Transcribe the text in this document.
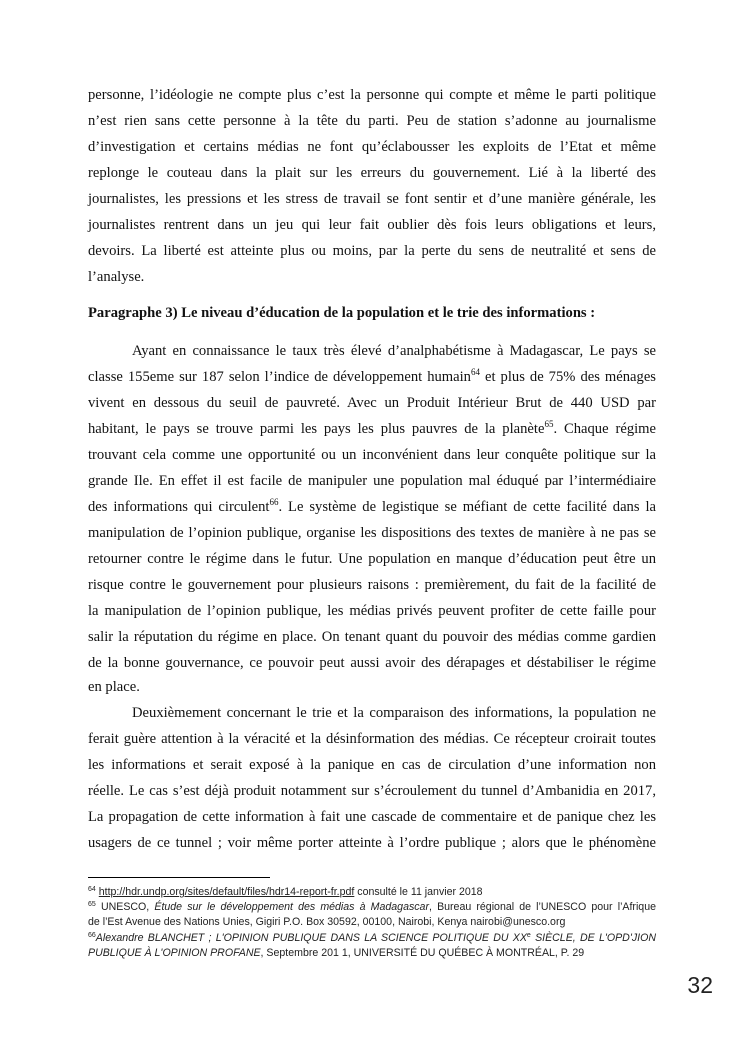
personne, l’idéologie ne compte plus c’est la personne qui compte et même le parti politique
n’est rien sans cette personne à la tête du parti. Peu de station s’adonne au journalisme
d’investigation et certains médias ne font qu’éclabousser les exploits de l’Etat et même
replonge le couteau dans la plait sur les erreurs du gouvernement. Lié à la liberté des
journalistes, les pressions et les stress de travail se font sentir et d’une manière générale, les
journalistes rentrent dans un jeu qui leur fait oublier dès fois leurs obligations et leurs,
devoirs. La liberté est atteinte plus ou moins, par la perte du sens de neutralité et sens de
l’analyse.
Paragraphe 3) Le niveau d’éducation de la population et le trie des informations :
Ayant en connaissance le taux très élevé d’analphabétisme à Madagascar, Le pays se
classe 155eme sur 187 selon l’indice de développement humain$^{64}$ et plus de 75% des ménages
vivent en dessous du seuil de pauvreté. Avec un Produit Intérieur Brut de 440 USD par
habitant, le pays se trouve parmi les pays les plus pauvres de la planète$^{65}$. Chaque régime
trouvant cela comme une opportunité ou un inconvénient dans leur conquête politique sur la
grande Ile. En effet il est facile de manipuler une population mal éduqué par l’intermédiaire
des informations qui circulent$^{66}$. Le système de legistique se méfiant de cette facilité dans la
manipulation de l’opinion publique, organise les dispositions des textes de manière à ne pas se
retourner contre le régime dans le futur. Une population en manque d’éducation peut être un
risque contre le gouvernement pour plusieurs raisons : premièrement, du fait de la facilité de
la manipulation de l’opinion publique, les médias privés peuvent profiter de cette faille pour
salir la réputation du régime en place. On tenant quant du pouvoir des médias comme gardien
de la bonne gouvernance, ce pouvoir peut aussi avoir des dérapages et déstabiliser le régime
en place.
Deuxièmement concernant le trie et la comparaison des informations, la population ne
ferait guère attention à la véracité et la désinformation des médias. Ce récepteur croirait toutes
les informations et serait exposé à la panique en cas de circulation d’une information non
réelle. Le cas s’est déjà produit notamment sur s’écroulement du tunnel d’Ambanidia en 2017,
La propagation de cette information à fait une cascade de commentaire et de panique chez les
usagers de ce tunnel ; voir même porter atteinte à l’ordre publique ; alors que le phénomène
$^{64}$ http://hdr.undp.org/sites/default/files/hdr14-report-fr.pdf consulté le 11 janvier 2018
$^{65}$ UNESCO, Étude sur le développement des médias à Madagascar, Bureau régional de l’UNESCO pour l’Afrique
de l’Est Avenue des Nations Unies, Gigiri P.O. Box 30592, 00100, Nairobi, Kenya nairobi@unesco.org
$^{66}$Alexandre BLANCHET ; L'OPINION PUBLIQUE DANS LA SCIENCE POLITIQUE DU XXe SIÈCLE, DE L'OPD'JION
PUBLIQUE À L'OPINION PROFANE, Septembre 201 1, UNIVERSITÉ DU QUÉBEC À MONTRÉAL, P. 29
32
